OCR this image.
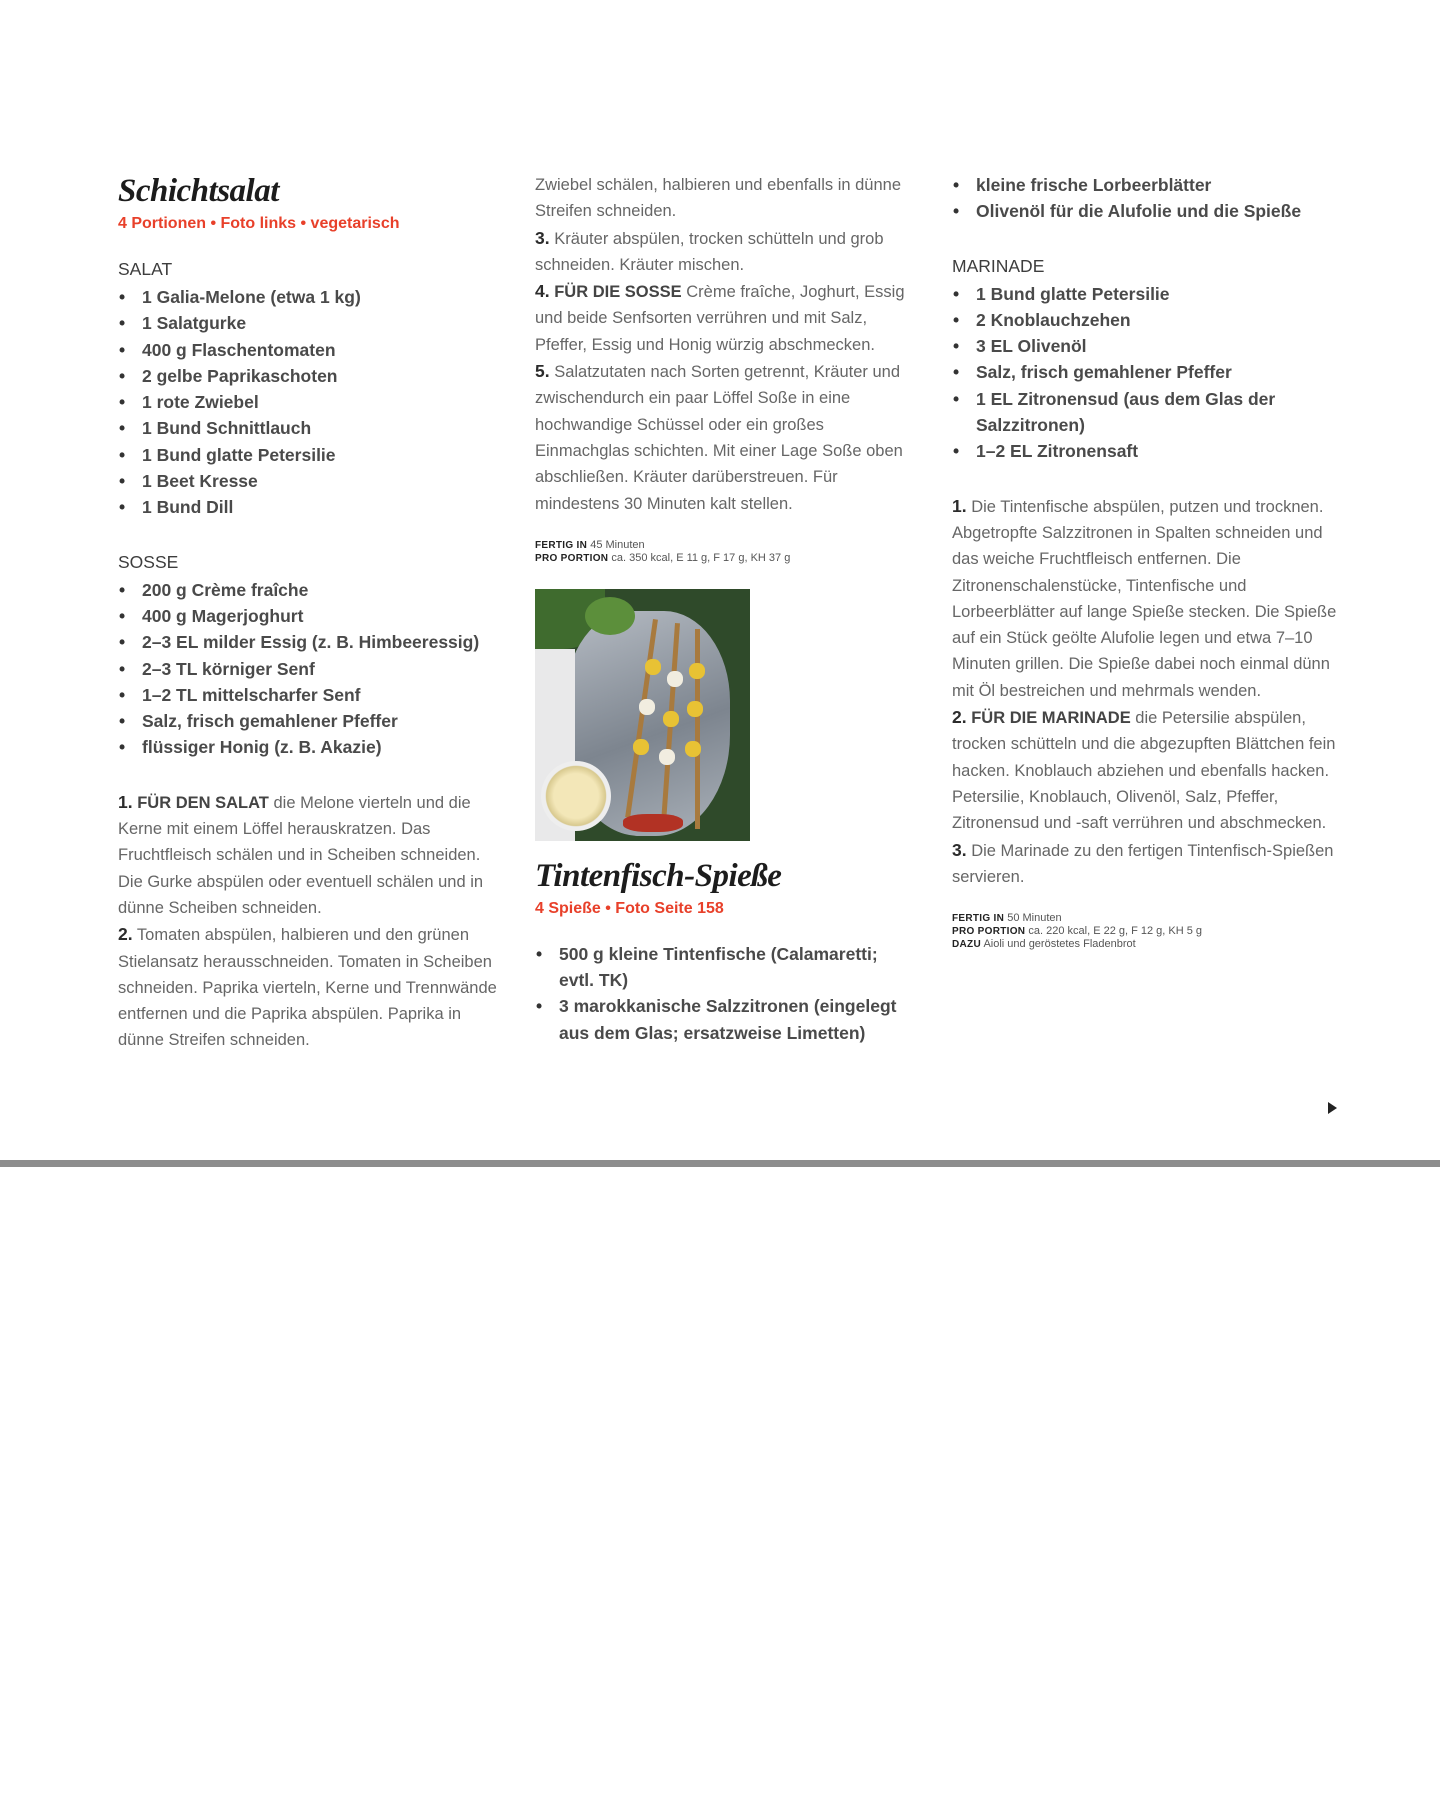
Schichtsalat
4 Portionen • Foto links • vegetarisch
SALAT
• 1 Galia-Melone (etwa 1 kg)
• 1 Salatgurke
• 400 g Flaschentomaten
• 2 gelbe Paprikaschoten
• 1 rote Zwiebel
• 1 Bund Schnittlauch
• 1 Bund glatte Petersilie
• 1 Beet Kresse
• 1 Bund Dill
SOSSE
• 200 g Crème fraîche
• 400 g Magerjoghurt
• 2–3 EL milder Essig (z. B. Himbeeressig)
• 2–3 TL körniger Senf
• 1–2 TL mittelscharfer Senf
• Salz, frisch gemahlener Pfeffer
• flüssiger Honig (z. B. Akazie)

1. FÜR DEN SALAT die Melone vierteln und die Kerne mit einem Löffel herauskratzen. Das Fruchtfleisch schälen und in Scheiben schneiden. Die Gurke abspülen oder eventuell schälen und in dünne Scheiben schneiden.

2. Tomaten abspülen, halbieren und den grünen Stielansatz herausschneiden. Tomaten in Scheiben schneiden. Paprika vierteln, Kerne und Trennwände entfernen und die Paprika abspülen. Paprika in dünne Streifen schneiden.

Zwiebel schälen, halbieren und ebenfalls in dünne Streifen schneiden.

3. Kräuter abspülen, trocken schütteln und grob schneiden. Kräuter mischen.

4. FÜR DIE SOSSE Crème fraîche, Joghurt, Essig und beide Senfsorten verrühren und mit Salz, Pfeffer, Essig und Honig würzig abschmecken.

5. Salatzutaten nach Sorten getrennt, Kräuter und zwischendurch ein paar Löffel Soße in eine hochwandige Schüssel oder ein großes Einmachglas schichten. Mit einer Lage Soße oben abschließen. Kräuter darüberstreuen. Für mindestens 30 Minuten kalt stellen.

FERTIG IN 45 Minuten
PRO PORTION ca. 350 kcal, E 11 g, F 17 g, KH 37 g
Tintenfisch-Spieße
4 Spieße • Foto Seite 158
• 500 g kleine Tintenfische (Calamaretti; evtl. TK)
• 3 marokkanische Salzzitronen (eingelegt aus dem Glas; ersatzweise Limetten)
• kleine frische Lorbeerblätter
• Olivenöl für die Alufolie und die Spieße
MARINADE
• 1 Bund glatte Petersilie
• 2 Knoblauchzehen
• 3 EL Olivenöl
• Salz, frisch gemahlener Pfeffer
• 1 EL Zitronensud (aus dem Glas der Salzzitronen)
• 1–2 EL Zitronensaft

1. Die Tintenfische abspülen, putzen und trocknen. Abgetropfte Salzzitronen in Spalten schneiden und das weiche Fruchtfleisch entfernen. Die Zitronenschalenstücke, Tintenfische und Lorbeerblätter auf lange Spieße stecken. Die Spieße auf ein Stück geölte Alufolie legen und etwa 7–10 Minuten grillen. Die Spieße dabei noch einmal dünn mit Öl bestreichen und mehrmals wenden.

2. FÜR DIE MARINADE die Petersilie abspülen, trocken schütteln und die abgezupften Blättchen fein hacken. Knoblauch abziehen und ebenfalls hacken. Petersilie, Knoblauch, Olivenöl, Salz, Pfeffer, Zitronensud und -saft verrühren und abschmecken.

3. Die Marinade zu den fertigen Tintenfisch-Spießen servieren.

FERTIG IN 50 Minuten
PRO PORTION ca. 220 kcal, E 22 g, F 12 g, KH 5 g
DAZU Aioli und geröstetes Fladenbrot
